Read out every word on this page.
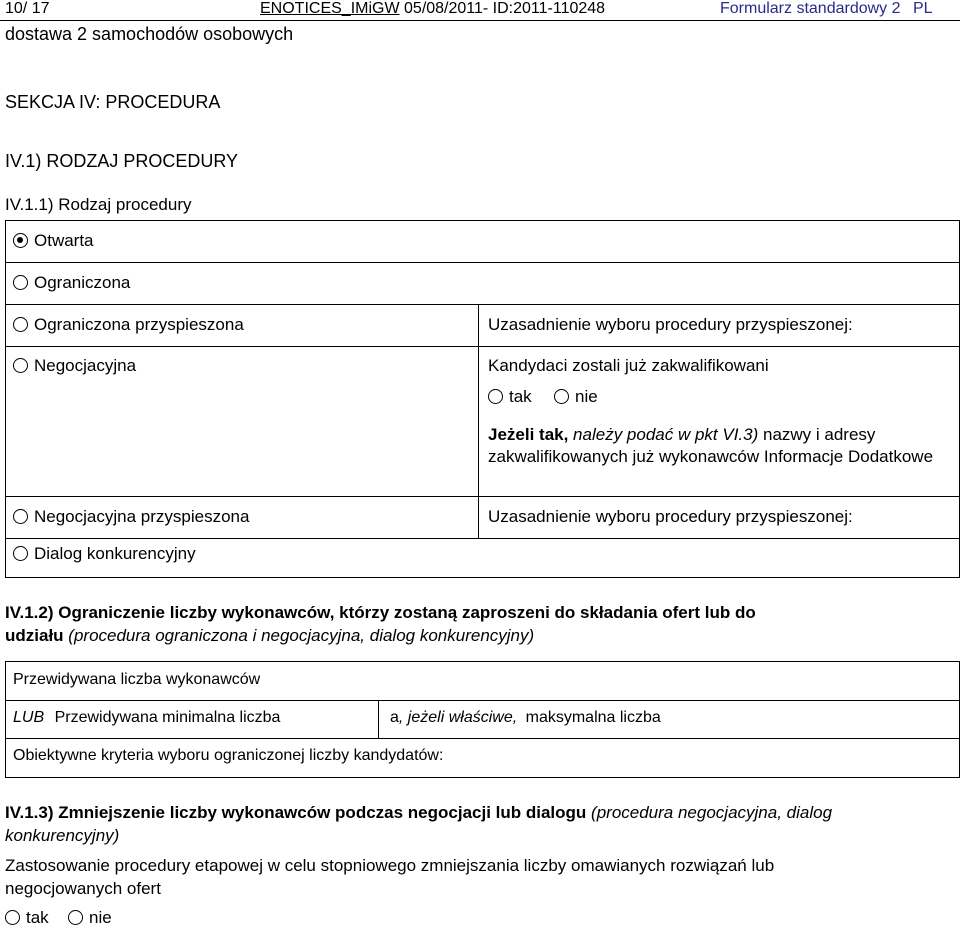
10/ 17	ENOTICES_IMiGW 05/08/2011- ID:2011-110248	Formularz standardowy 2 PL
dostawa 2 samochodów osobowych
SEKCJA IV: PROCEDURA
IV.1) RODZAJ PROCEDURY
IV.1.1) Rodzaj procedury
Otwarta
Ograniczona
Ograniczona przyspieszona	Uzasadnienie wyboru procedury przyspieszonej:
Negocjacyjna	Kandydaci zostali już zakwalifikowani
tak	nie
Jeżeli tak, należy podać w pkt VI.3) nazwy i adresy zakwalifikowanych już wykonawców Informacje Dodatkowe
Negocjacyjna przyspieszona	Uzasadnienie wyboru procedury przyspieszonej:
Dialog konkurencyjny
IV.1.2) Ograniczenie liczby wykonawców, którzy zostaną zaproszeni do składania ofert lub do
udziału (procedura ograniczona i negocjacyjna, dialog konkurencyjny)
Przewidywana liczba wykonawców
LUB Przewidywana minimalna liczba	a, jeżeli właściwe, maksymalna liczba
Obiektywne kryteria wyboru ograniczonej liczby kandydatów:
IV.1.3) Zmniejszenie liczby wykonawców podczas negocjacji lub dialogu (procedura negocjacyjna, dialog
konkurencyjny)
Zastosowanie procedury etapowej w celu stopniowego zmniejszania liczby omawianych rozwiązań lub
negocjowanych ofert
tak	nie
